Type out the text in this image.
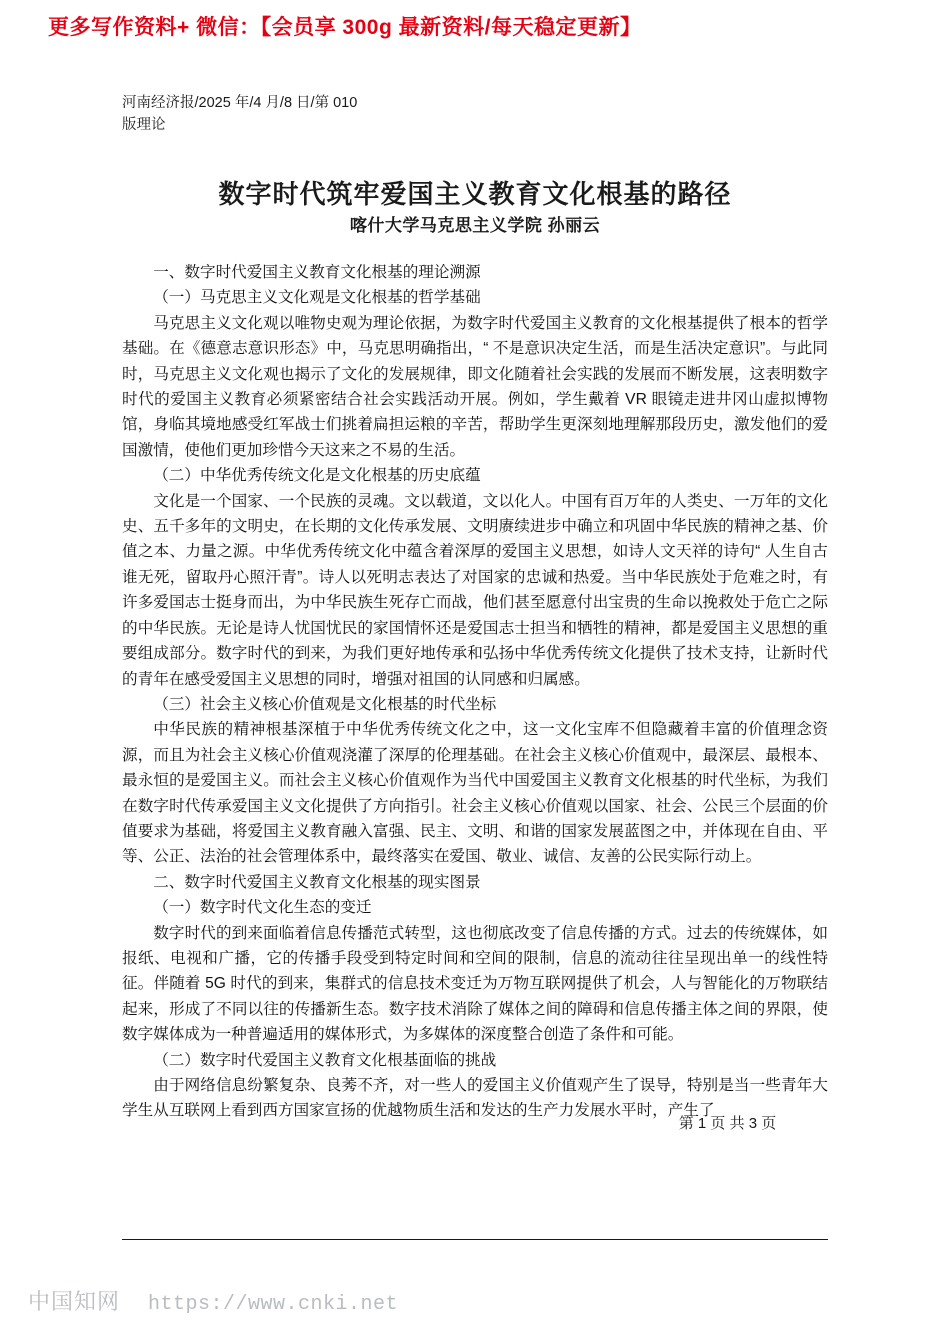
更多写作资料+ 微信：【会员享 300g 最新资料/每天稳定更新】
河南经济报/2025 年/4 月/8 日/第 010
版理论
数字时代筑牢爱国主义教育文化根基的路径
喀什大学马克思主义学院 孙丽云

一、数字时代爱国主义教育文化根基的理论溯源

（一）马克思主义文化观是文化根基的哲学基础

马克思主义文化观以唯物史观为理论依据，为数字时代爱国主义教育的文化根基提供了根本的哲学基础。在《德意志意识形态》中，马克思明确指出，“ 不是意识决定生活，而是生活决定意识”。与此同时，马克思主义文化观也揭示了文化的发展规律，即文化随着社会实践的发展而不断发展，这表明数字时代的爱国主义教育必须紧密结合社会实践活动开展。例如，学生戴着 VR 眼镜走进井冈山虚拟博物馆，身临其境地感受红军战士们挑着扁担运粮的辛苦，帮助学生更深刻地理解那段历史，激发他们的爱国激情，使他们更加珍惜今天这来之不易的生活。

（二）中华优秀传统文化是文化根基的历史底蕴

文化是一个国家、一个民族的灵魂。文以载道，文以化人。中国有百万年的人类史、一万年的文化史、五千多年的文明史，在长期的文化传承发展、文明赓续进步中确立和巩固中华民族的精神之基、价值之本、力量之源。中华优秀传统文化中蕴含着深厚的爱国主义思想，如诗人文天祥的诗句“ 人生自古谁无死，留取丹心照汗青”。诗人以死明志表达了对国家的忠诚和热爱。当中华民族处于危难之时，有许多爱国志士挺身而出，为中华民族生死存亡而战，他们甚至愿意付出宝贵的生命以挽救处于危亡之际的中华民族。无论是诗人忧国忧民的家国情怀还是爱国志士担当和牺牲的精神，都是爱国主义思想的重要组成部分。数字时代的到来，为我们更好地传承和弘扬中华优秀传统文化提供了技术支持，让新时代的青年在感受爱国主义思想的同时，增强对祖国的认同感和归属感。

（三）社会主义核心价值观是文化根基的时代坐标

中华民族的精神根基深植于中华优秀传统文化之中，这一文化宝库不但隐藏着丰富的价值理念资源，而且为社会主义核心价值观浇灌了深厚的伦理基础。在社会主义核心价值观中，最深层、最根本、最永恒的是爱国主义。而社会主义核心价值观作为当代中国爱国主义教育文化根基的时代坐标，为我们在数字时代传承爱国主义文化提供了方向指引。社会主义核心价值观以国家、社会、公民三个层面的价值要求为基础，将爱国主义教育融入富强、民主、文明、和谐的国家发展蓝图之中，并体现在自由、平等、公正、法治的社会管理体系中，最终落实在爱国、敬业、诚信、友善的公民实际行动上。

二、数字时代爱国主义教育文化根基的现实图景

（一）数字时代文化生态的变迁

数字时代的到来面临着信息传播范式转型，这也彻底改变了信息传播的方式。过去的传统媒体，如报纸、电视和广播，它的传播手段受到特定时间和空间的限制，信息的流动往往呈现出单一的线性特征。伴随着 5G 时代的到来，集群式的信息技术变迁为万物互联网提供了机会，人与智能化的万物联结起来，形成了不同以往的传播新生态。数字技术消除了媒体之间的障碍和信息传播主体之间的界限，使数字媒体成为一种普遍适用的媒体形式，为多媒体的深度整合创造了条件和可能。

（二）数字时代爱国主义教育文化根基面临的挑战

由于网络信息纷繁复杂、良莠不齐，对一些人的爱国主义价值观产生了误导，特别是当一些青年大学生从互联网上看到西方国家宣扬的优越物质生活和发达的生产力发展水平时，产生了

第 1 页 共 3 页
中国知网 https://www.cnki.net
